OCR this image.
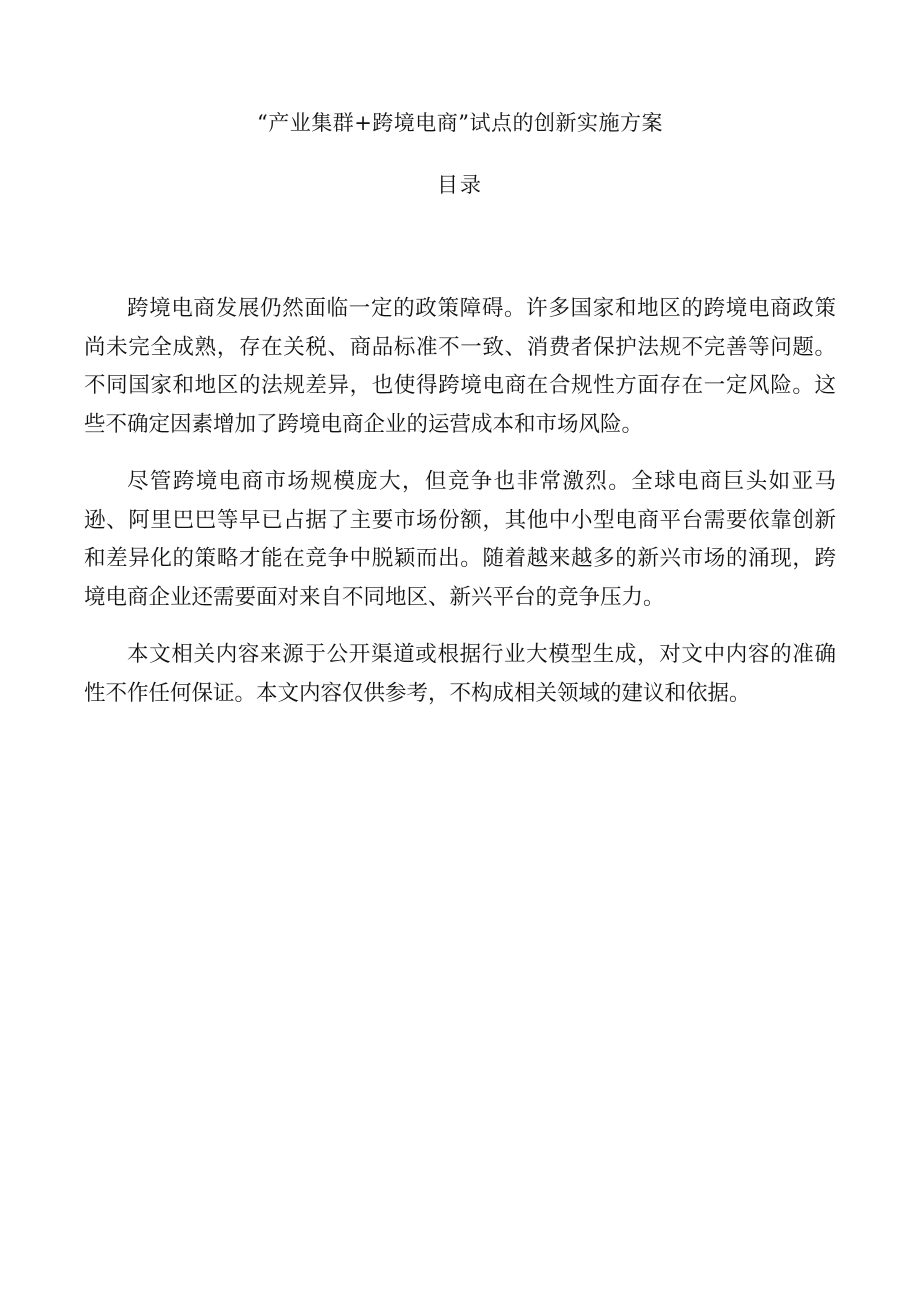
“产业集群+跨境电商”试点的创新实施方案
目录

跨境电商发展仍然面临一定的政策障碍。许多国家和地区的跨境电商政策尚未完全成熟，存在关税、商品标准不一致、消费者保护法规不完善等问题。不同国家和地区的法规差异，也使得跨境电商在合规性方面存在一定风险。这些不确定因素增加了跨境电商企业的运营成本和市场风险。

尽管跨境电商市场规模庞大，但竞争也非常激烈。全球电商巨头如亚马逊、阿里巴巴等早已占据了主要市场份额，其他中小型电商平台需要依靠创新和差异化的策略才能在竞争中脱颖而出。随着越来越多的新兴市场的涌现，跨境电商企业还需要面对来自不同地区、新兴平台的竞争压力。

本文相关内容来源于公开渠道或根据行业大模型生成，对文中内容的准确性不作任何保证。本文内容仅供参考，不构成相关领域的建议和依据。
